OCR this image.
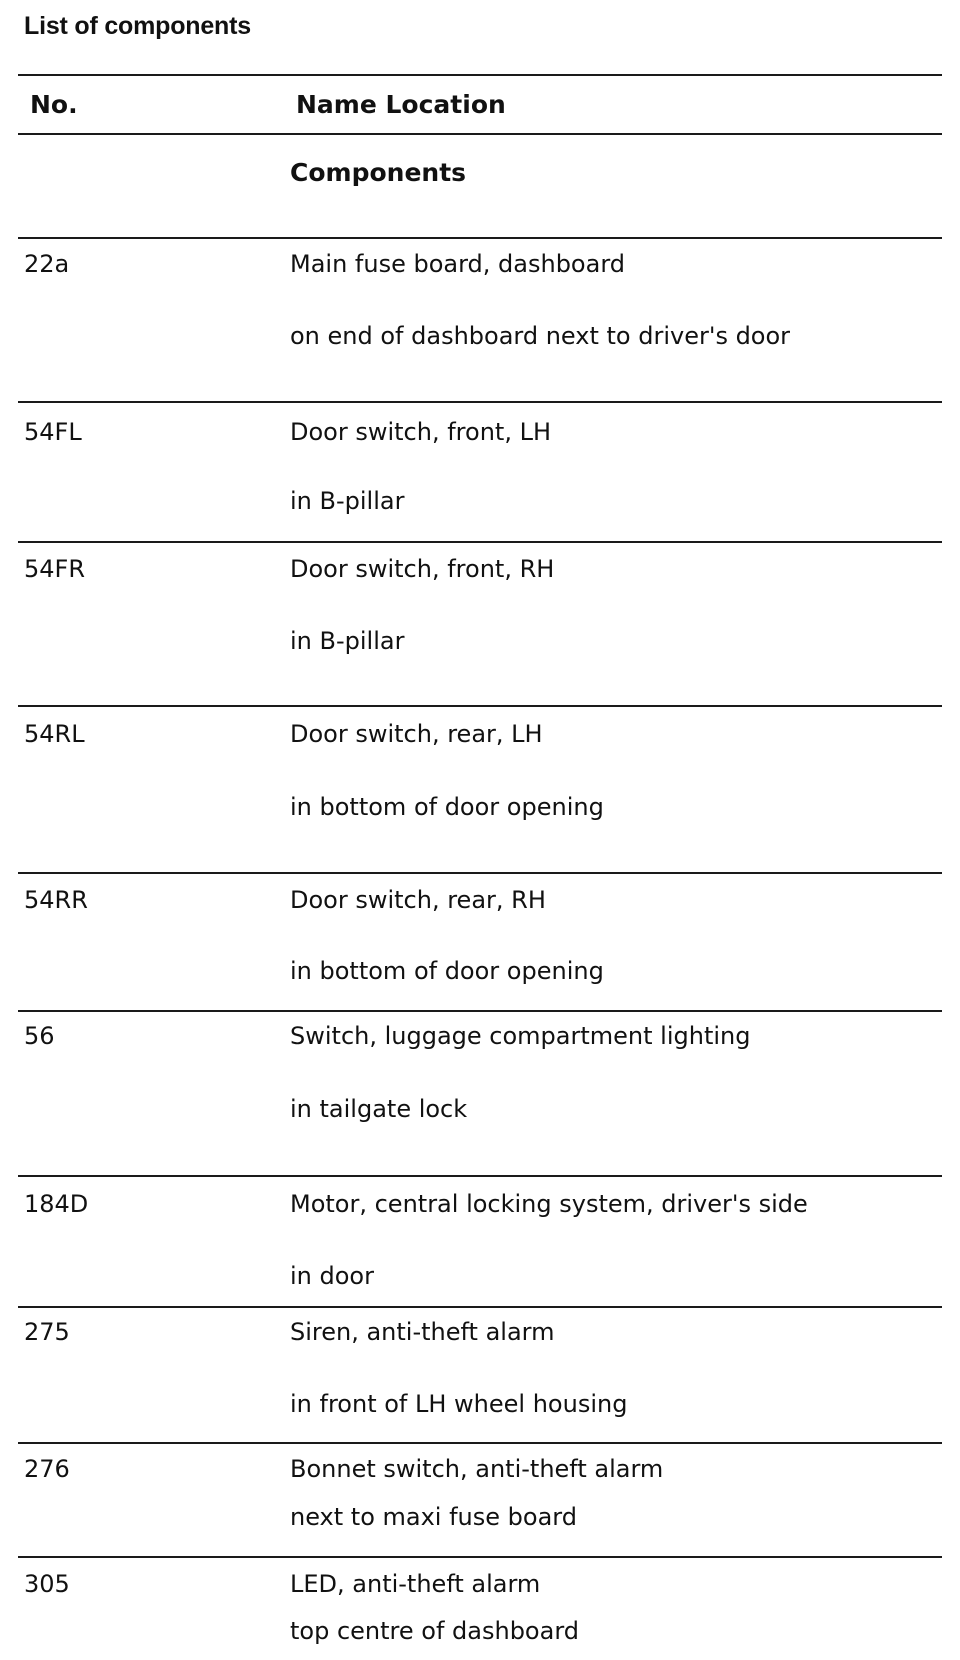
List of components
No.	Name Location
Components
22a	Main fuse board, dashboard
on end of dashboard next to driver's door
54FL	Door switch, front, LH
in B-pillar
54FR	Door switch, front, RH
in B-pillar
54RL	Door switch, rear, LH
in bottom of door opening
54RR	Door switch, rear, RH
in bottom of door opening
56	Switch, luggage compartment lighting
in tailgate lock
184D	Motor, central locking system, driver's side
in door
275	Siren, anti-theft alarm
in front of LH wheel housing
276	Bonnet switch, anti-theft alarm
next to maxi fuse board
305	LED, anti-theft alarm
top centre of dashboard
